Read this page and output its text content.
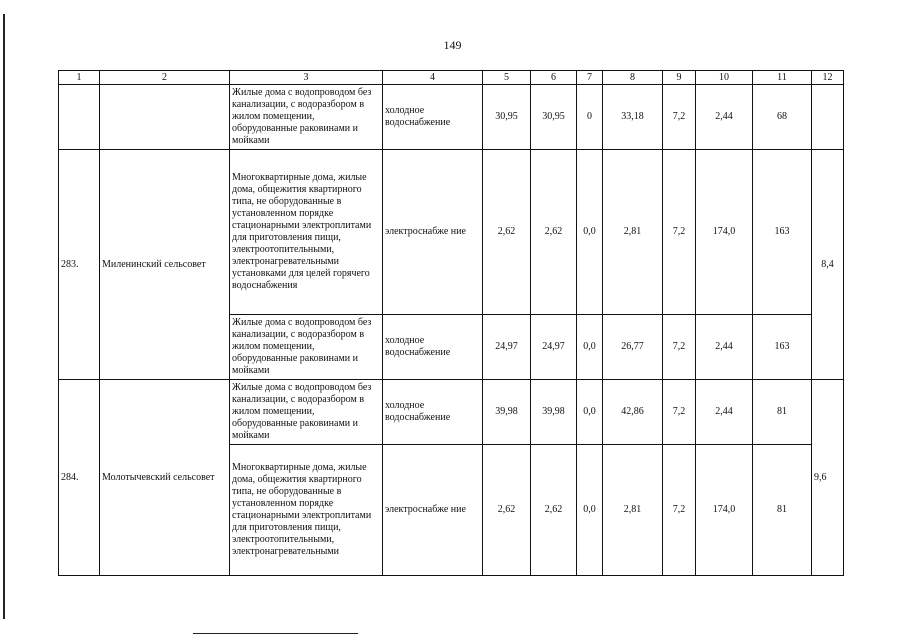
149
1	2	3	4	5	6	7	8	9	10	11	12
		Жилые дома с водопроводом без канализации, с водоразбором в жилом помещении, оборудованные раковинами и мойками	холодное водоснабжение	30,95	30,95	0	33,18	7,2	2,44	68	
283.	Миленинский сельсовет	Многоквартирные дома, жилые дома, общежития квартирного типа, не оборудованные в установленном порядке стационарными электроплитами для приготовления пищи, электроотопительными, электронагревательными установками для целей горячего водоснабжения	электроснабже ние	2,62	2,62	0,0	2,81	7,2	174,0	163	8,4
		Жилые дома с водопроводом без канализации, с водоразбором в жилом помещении, оборудованные раковинами и мойками	холодное водоснабжение	24,97	24,97	0,0	26,77	7,2	2,44	163	
284.	Молотычевский сельсовет	Жилые дома с водопроводом без канализации, с водоразбором в жилом помещении, оборудованные раковинами и мойками	холодное водоснабжение	39,98	39,98	0,0	42,86	7,2	2,44	81	9,6
		Многоквартирные дома, жилые дома, общежития квартирного типа, не оборудованные в установленном порядке стационарными электроплитами для приготовления пищи, электроотопительными, электронагревательными	электроснабже ние	2,62	2,62	0,0	2,81	7,2	174,0	81	
